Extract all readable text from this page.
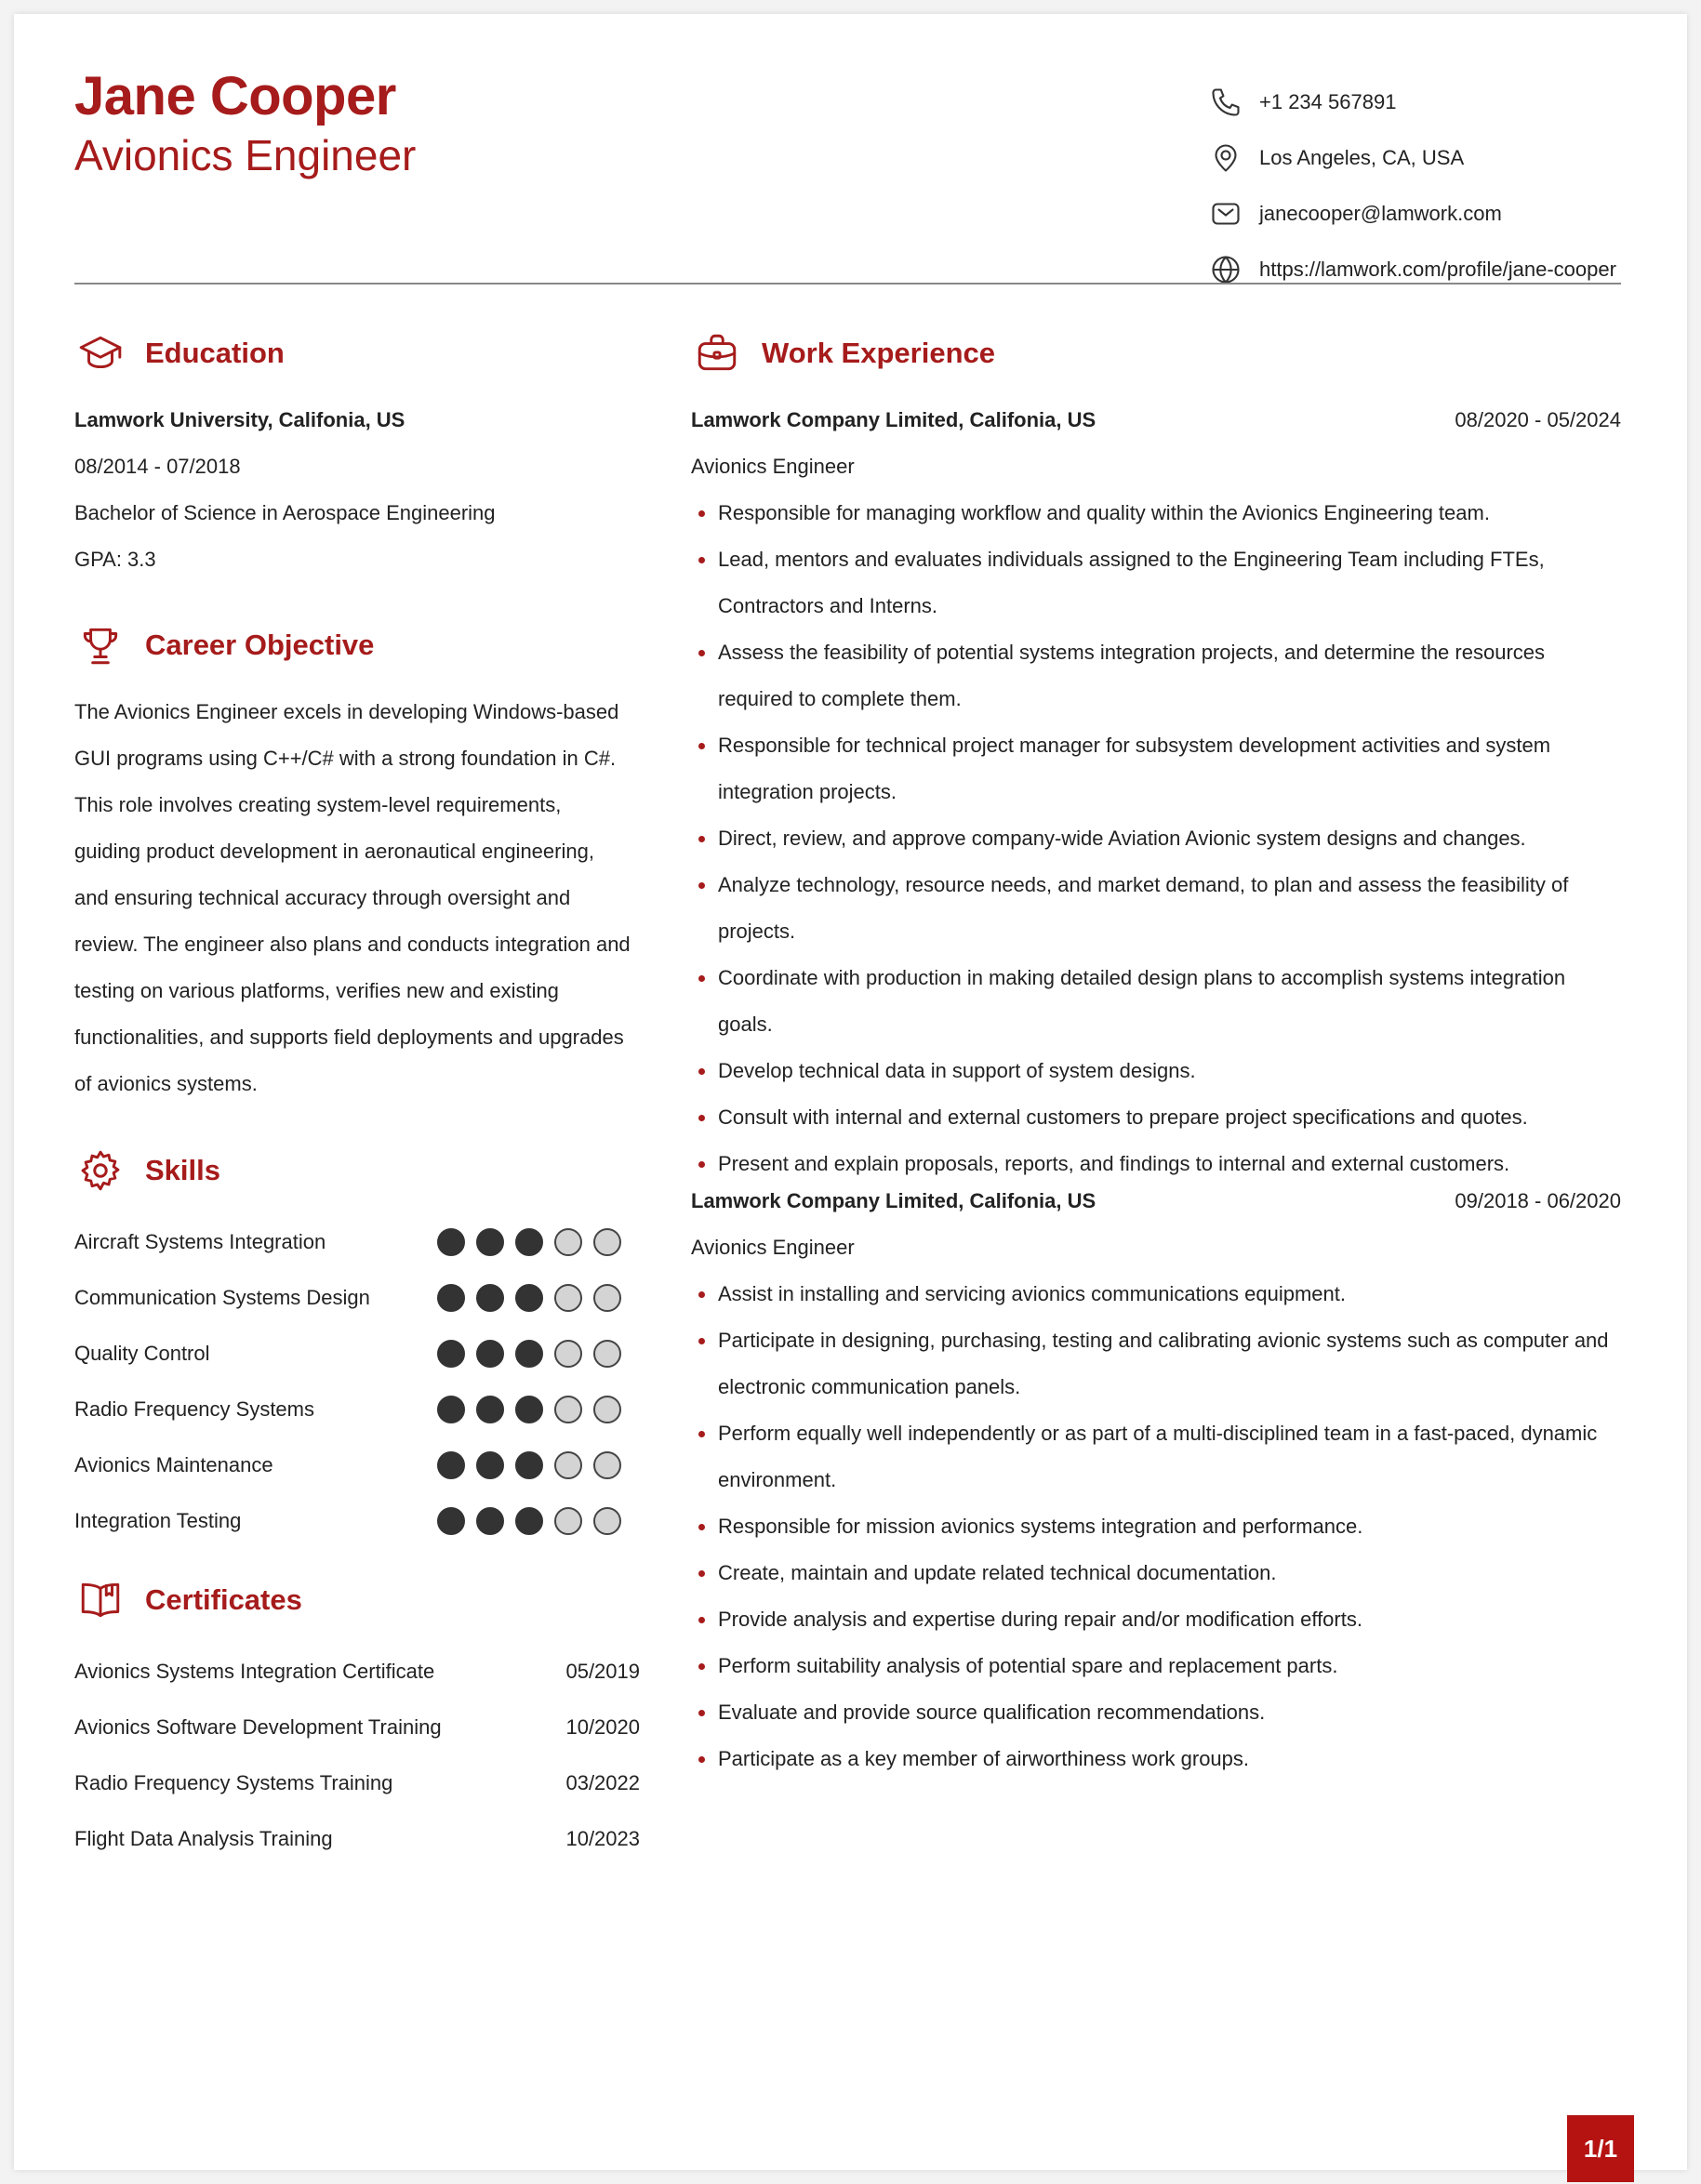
Jane Cooper
Avionics Engineer
+1 234 567891
Los Angeles, CA, USA
janecooper@lamwork.com
https://lamwork.com/profile/jane-cooper
Education
Lamwork University, Califonia, US
08/2014 - 07/2018
Bachelor of Science in Aerospace Engineering
GPA: 3.3
Career Objective
The Avionics Engineer excels in developing Windows-based GUI programs using C++/C# with a strong foundation in C#. This role involves creating system-level requirements, guiding product development in aeronautical engineering, and ensuring technical accuracy through oversight and review. The engineer also plans and conducts integration and testing on various platforms, verifies new and existing functionalities, and supports field deployments and upgrades of avionics systems.
Skills
Aircraft Systems Integration
Communication Systems Design
Quality Control
Radio Frequency Systems
Avionics Maintenance
Integration Testing
Certificates
Avionics Systems Integration Certificate	05/2019
Avionics Software Development Training	10/2020
Radio Frequency Systems Training	03/2022
Flight Data Analysis Training	10/2023
Work Experience
Lamwork Company Limited, Califonia, US	08/2020 - 05/2024
Avionics Engineer
Responsible for managing workflow and quality within the Avionics Engineering team.
Lead, mentors and evaluates individuals assigned to the Engineering Team including FTEs, Contractors and Interns.
Assess the feasibility of potential systems integration projects, and determine the resources required to complete them.
Responsible for technical project manager for subsystem development activities and system integration projects.
Direct, review, and approve company-wide Aviation Avionic system designs and changes.
Analyze technology, resource needs, and market demand, to plan and assess the feasibility of projects.
Coordinate with production in making detailed design plans to accomplish systems integration goals.
Develop technical data in support of system designs.
Consult with internal and external customers to prepare project specifications and quotes.
Present and explain proposals, reports, and findings to internal and external customers.
Lamwork Company Limited, Califonia, US	09/2018 - 06/2020
Avionics Engineer
Assist in installing and servicing avionics communications equipment.
Participate in designing, purchasing, testing and calibrating avionic systems such as computer and electronic communication panels.
Perform equally well independently or as part of a multi-disciplined team in a fast-paced, dynamic environment.
Responsible for mission avionics systems integration and performance.
Create, maintain and update related technical documentation.
Provide analysis and expertise during repair and/or modification efforts.
Perform suitability analysis of potential spare and replacement parts.
Evaluate and provide source qualification recommendations.
Participate as a key member of airworthiness work groups.
1/1
